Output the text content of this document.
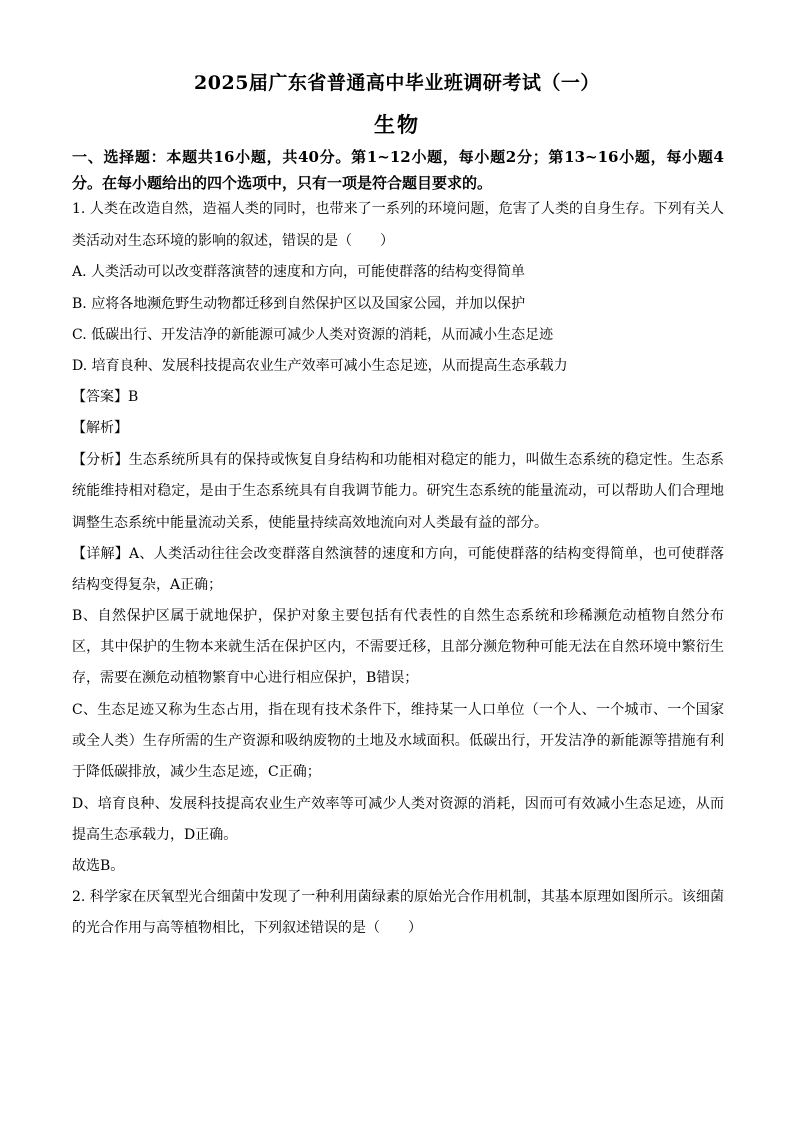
2025届广东省普通高中毕业班调研考试（一）
生物
一、选择题：本题共16小题，共40分。第1~12小题，每小题2分；第13~16小题，每小题4分。在每小题给出的四个选项中，只有一项是符合题目要求的。
1. 人类在改造自然，造福人类的同时，也带来了一系列的环境问题，危害了人类的自身生存。下列有关人
类活动对生态环境的影响的叙述，错误的是（　　）
A. 人类活动可以改变群落演替的速度和方向，可能使群落的结构变得简单
B. 应将各地濒危野生动物都迁移到自然保护区以及国家公园，并加以保护
C. 低碳出行、开发洁净的新能源可减少人类对资源的消耗，从而减小生态足迹
D. 培育良种、发展科技提高农业生产效率可减小生态足迹，从而提高生态承载力
【答案】B
【解析】
【分析】生态系统所具有的保持或恢复自身结构和功能相对稳定的能力，叫做生态系统的稳定性。生态系
统能维持相对稳定，是由于生态系统具有自我调节能力。研究生态系统的能量流动，可以帮助人们合理地
调整生态系统中能量流动关系，使能量持续高效地流向对人类最有益的部分。
【详解】A、人类活动往往会改变群落自然演替的速度和方向，可能使群落的结构变得简单，也可使群落
结构变得复杂，A正确；
B、自然保护区属于就地保护，保护对象主要包括有代表性的自然生态系统和珍稀濒危动植物自然分布
区，其中保护的生物本来就生活在保护区内，不需要迁移，且部分濒危物种可能无法在自然环境中繁衍生
存，需要在濒危动植物繁育中心进行相应保护，B错误；
C、生态足迹又称为生态占用，指在现有技术条件下，维持某一人口单位（一个人、一个城市、一个国家
或全人类）生存所需的生产资源和吸纳废物的土地及水域面积。低碳出行，开发洁净的新能源等措施有利
于降低碳排放，减少生态足迹，C正确；
D、培育良种、发展科技提高农业生产效率等可减少人类对资源的消耗，因而可有效减小生态足迹，从而
提高生态承载力，D正确。
故选B。
2. 科学家在厌氧型光合细菌中发现了一种利用菌绿素的原始光合作用机制，其基本原理如图所示。该细菌
的光合作用与高等植物相比，下列叙述错误的是（　　）
